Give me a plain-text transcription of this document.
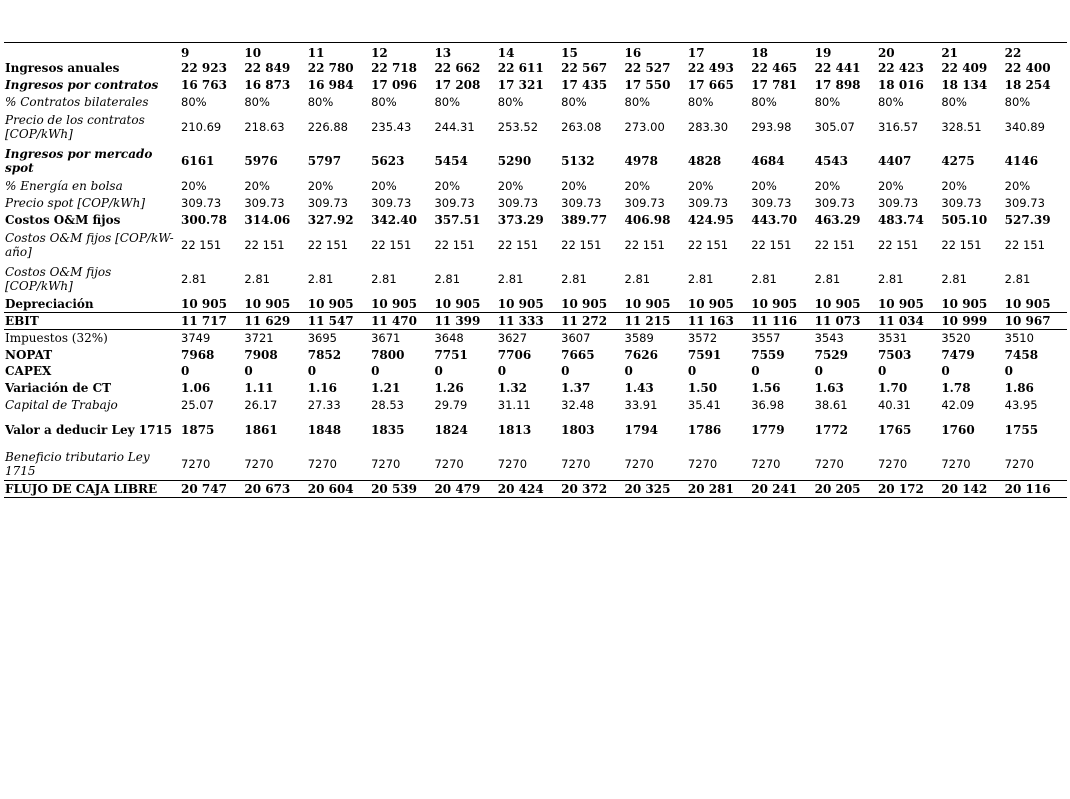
	9	10	11	12	13	14	15	16	17	18	19	20	21	22
Ingresos anuales	22 923	22 849	22 780	22 718	22 662	22 611	22 567	22 527	22 493	22 465	22 441	22 423	22 409	22 400
Ingresos por contratos	16 763	16 873	16 984	17 096	17 208	17 321	17 435	17 550	17 665	17 781	17 898	18 016	18 134	18 254
% Contratos bilaterales	80%	80%	80%	80%	80%	80%	80%	80%	80%	80%	80%	80%	80%	80%
Precio de los contratos [COP/kWh]	210.69	218.63	226.88	235.43	244.31	253.52	263.08	273.00	283.30	293.98	305.07	316.57	328.51	340.89
Ingresos por mercado spot	6161	5976	5797	5623	5454	5290	5132	4978	4828	4684	4543	4407	4275	4146
% Energía en bolsa	20%	20%	20%	20%	20%	20%	20%	20%	20%	20%	20%	20%	20%	20%
Precio spot [COP/kWh]	309.73	309.73	309.73	309.73	309.73	309.73	309.73	309.73	309.73	309.73	309.73	309.73	309.73	309.73
Costos O&M fijos	300.78	314.06	327.92	342.40	357.51	373.29	389.77	406.98	424.95	443.70	463.29	483.74	505.10	527.39
Costos O&M fijos [COP/kW-año]	22 151	22 151	22 151	22 151	22 151	22 151	22 151	22 151	22 151	22 151	22 151	22 151	22 151	22 151
Costos O&M fijos [COP/kWh]	2.81	2.81	2.81	2.81	2.81	2.81	2.81	2.81	2.81	2.81	2.81	2.81	2.81	2.81
Depreciación	10 905	10 905	10 905	10 905	10 905	10 905	10 905	10 905	10 905	10 905	10 905	10 905	10 905	10 905
EBIT	11 717	11 629	11 547	11 470	11 399	11 333	11 272	11 215	11 163	11 116	11 073	11 034	10 999	10 967
Impuestos (32%)	3749	3721	3695	3671	3648	3627	3607	3589	3572	3557	3543	3531	3520	3510
NOPAT	7968	7908	7852	7800	7751	7706	7665	7626	7591	7559	7529	7503	7479	7458
CAPEX	0	0	0	0	0	0	0	0	0	0	0	0	0	0
Variación de CT	1.06	1.11	1.16	1.21	1.26	1.32	1.37	1.43	1.50	1.56	1.63	1.70	1.78	1.86
Capital de Trabajo	25.07	26.17	27.33	28.53	29.79	31.11	32.48	33.91	35.41	36.98	38.61	40.31	42.09	43.95
Valor a deducir Ley 1715	1875	1861	1848	1835	1824	1813	1803	1794	1786	1779	1772	1765	1760	1755
Beneficio tributario Ley 1715	7270	7270	7270	7270	7270	7270	7270	7270	7270	7270	7270	7270	7270	7270
FLUJO DE CAJA LIBRE	20 747	20 673	20 604	20 539	20 479	20 424	20 372	20 325	20 281	20 241	20 205	20 172	20 142	20 116
